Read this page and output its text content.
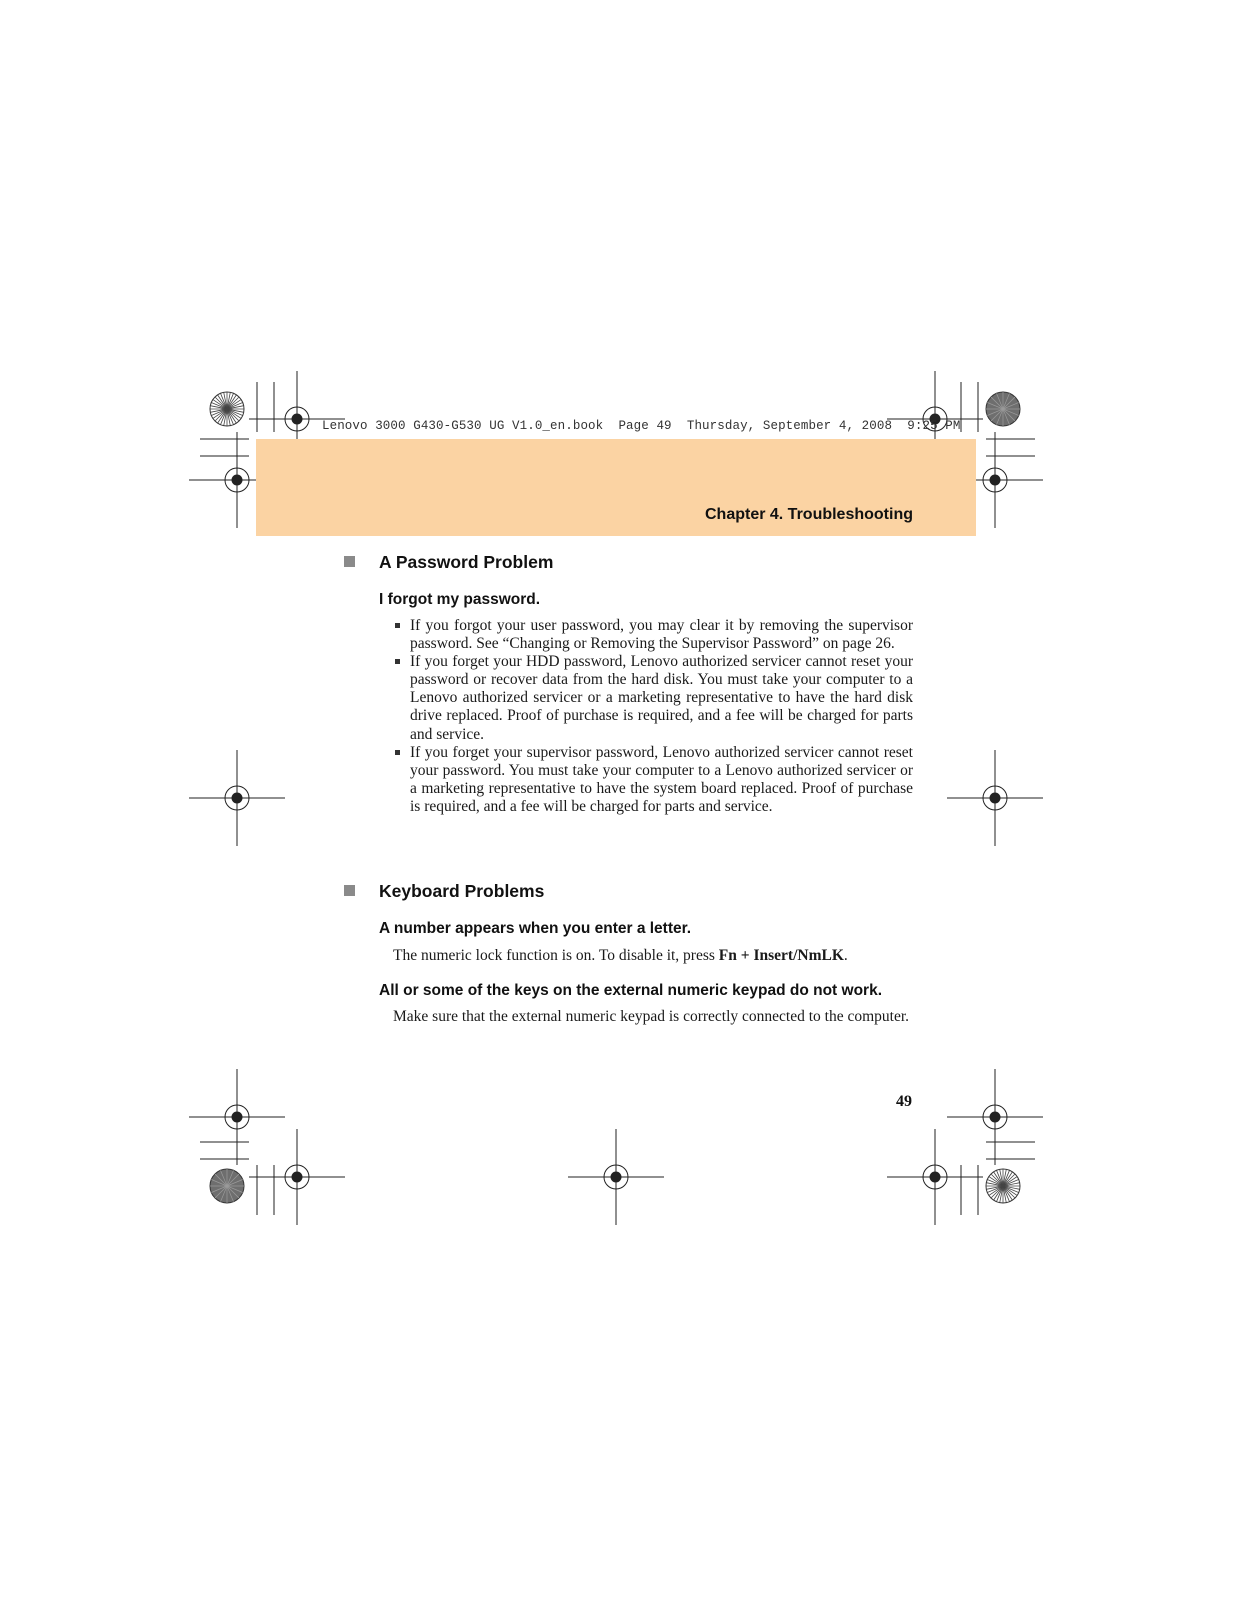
Lenovo 3000 G430-G530 UG V1.0_en.book  Page 49  Thursday, September 4, 2008  9:25 PM
Chapter 4. Troubleshooting
A Password Problem
I forgot my password.
If you forgot your user password, you may clear it by removing the supervisor password. See “Changing or Removing the Supervisor Password” on page 26.
If you forget your HDD password, Lenovo authorized servicer cannot reset your password or recover data from the hard disk. You must take your computer to a Lenovo authorized servicer or a marketing representative to have the hard disk drive replaced. Proof of purchase is required, and a fee will be charged for parts and service.
If you forget your supervisor password, Lenovo authorized servicer cannot reset your password. You must take your computer to a Lenovo authorized servicer or a marketing representative to have the system board replaced. Proof of purchase is required, and a fee will be charged for parts and service.
Keyboard Problems
A number appears when you enter a letter.
The numeric lock function is on. To disable it, press Fn + Insert/NmLK.
All or some of the keys on the external numeric keypad do not work.
Make sure that the external numeric keypad is correctly connected to the computer.
49
